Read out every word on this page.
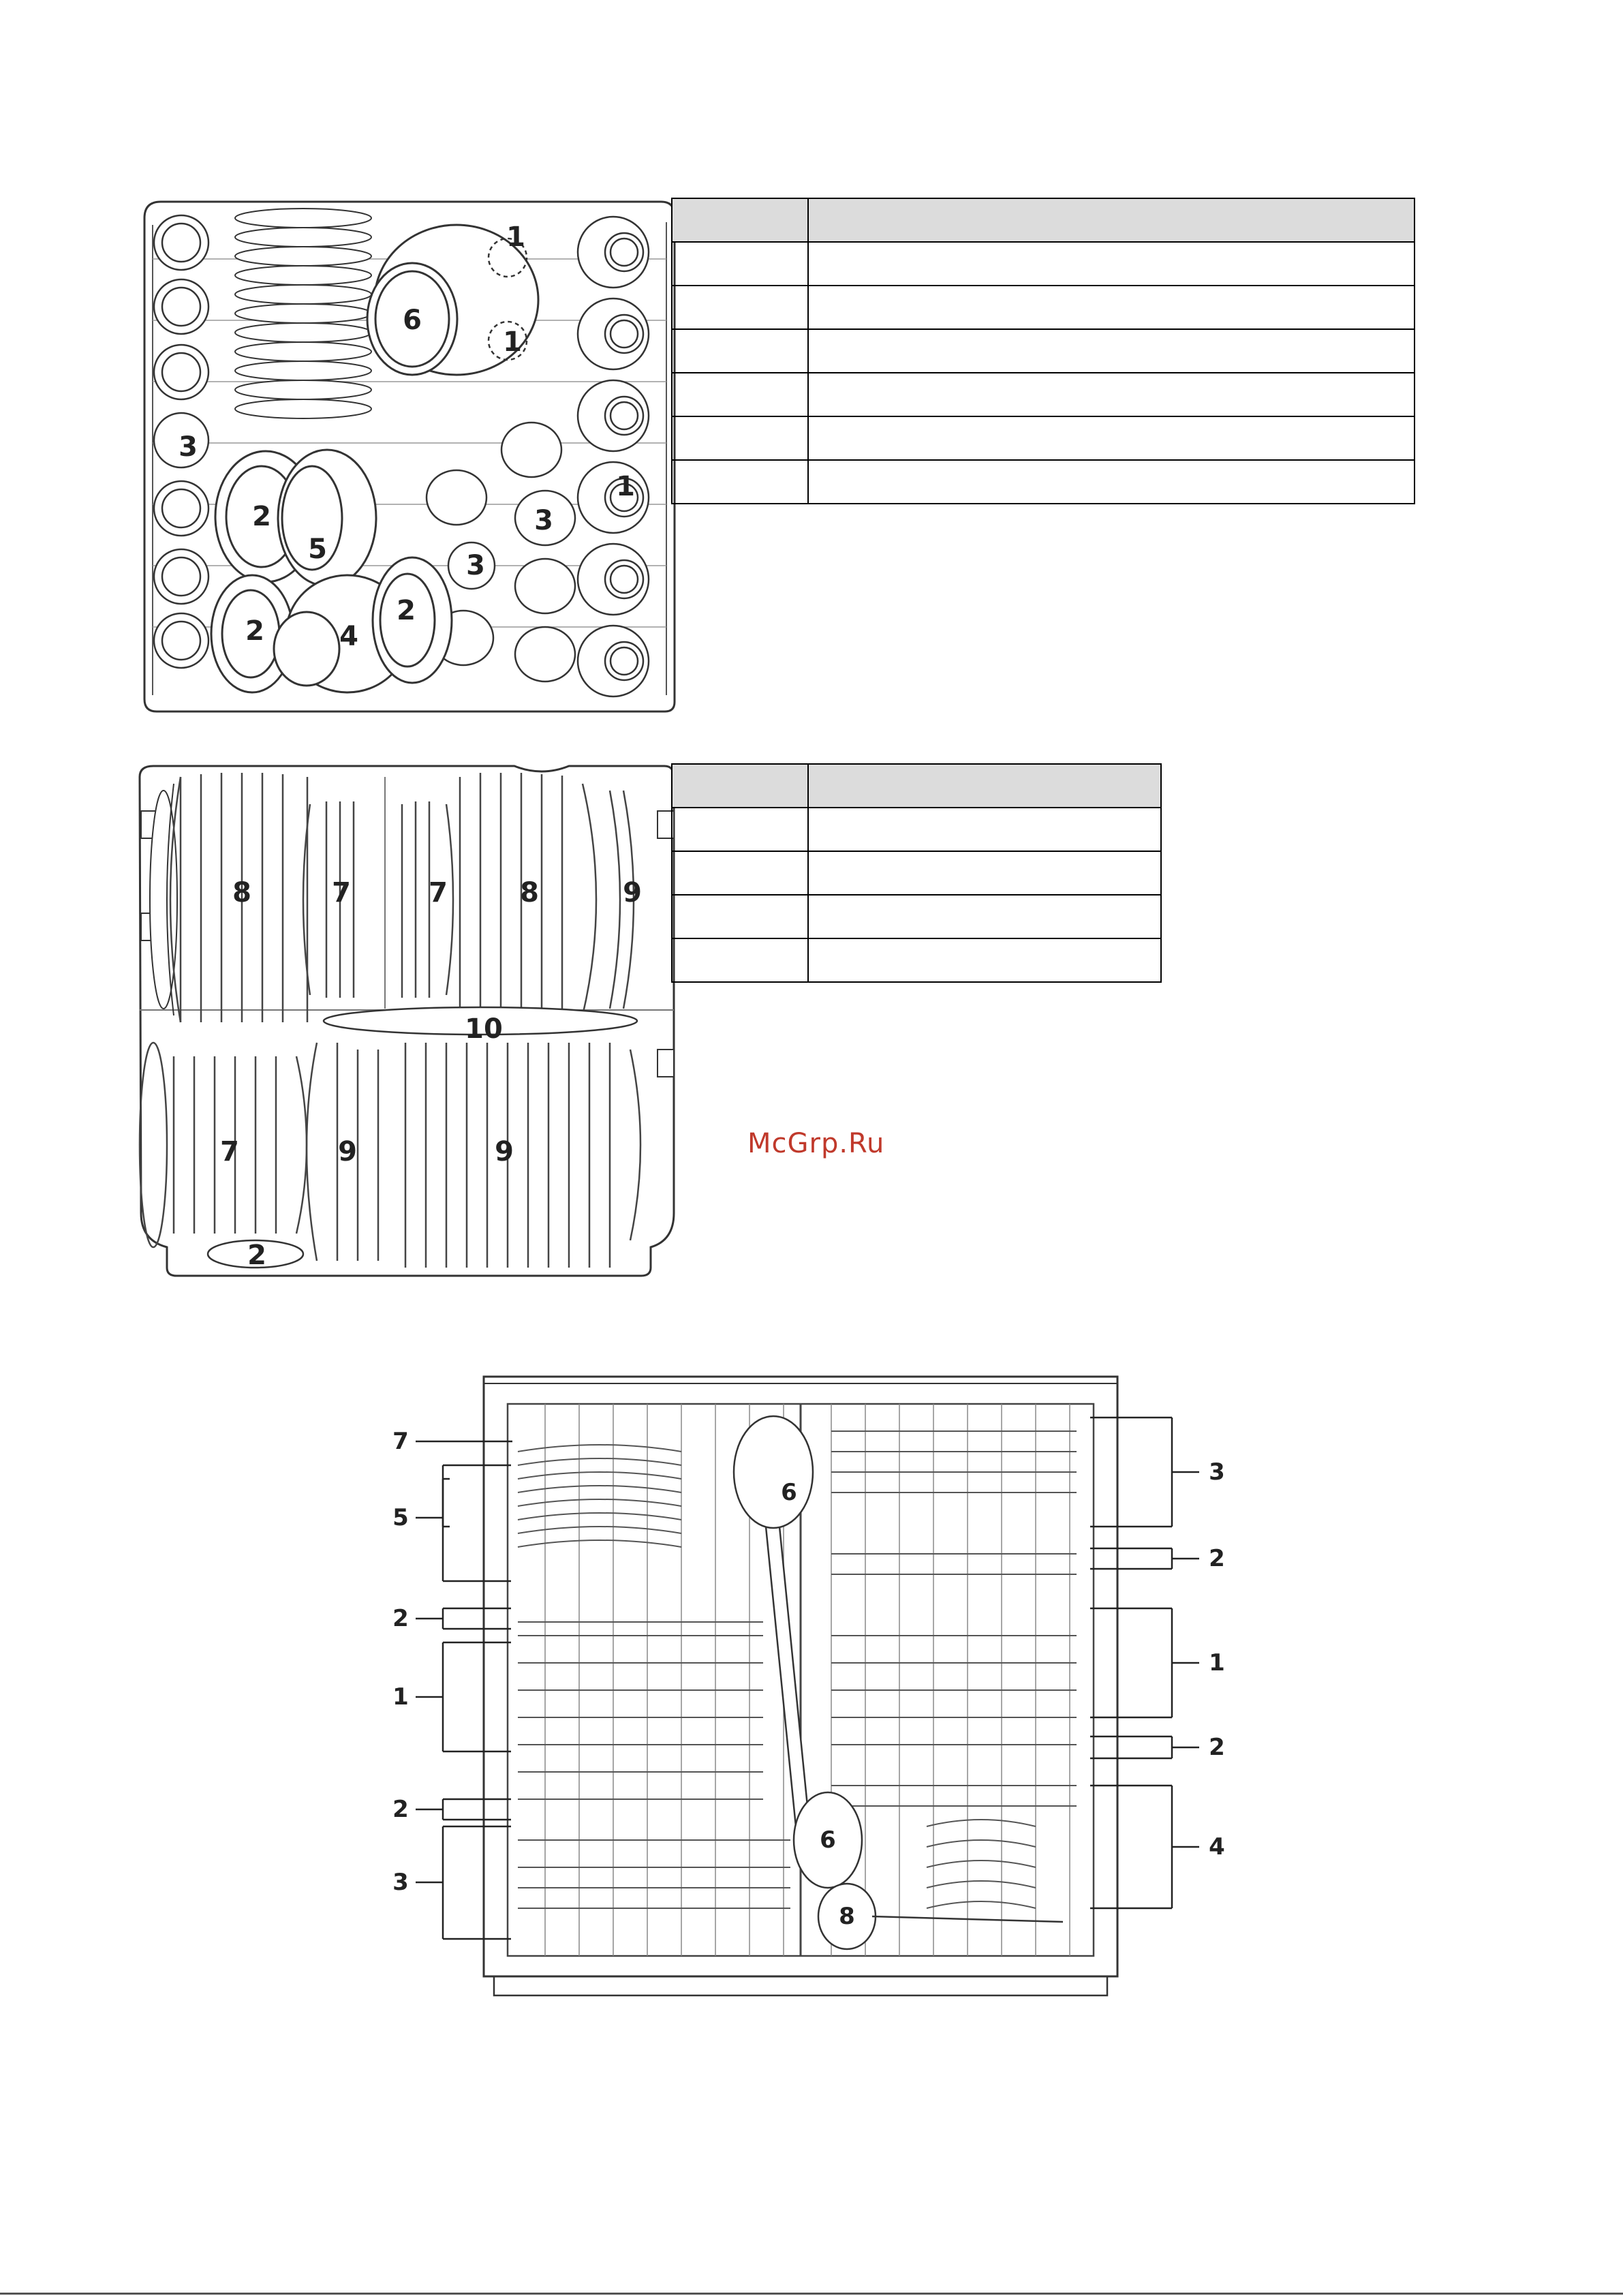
1
1
1
6
3
3
3
2
5
2	4
2

8	7	7	8	9
10
7	9	9
2

McGrp.Ru
7
5
2
1
2
3
3
2
1
2
4
6
6
8
